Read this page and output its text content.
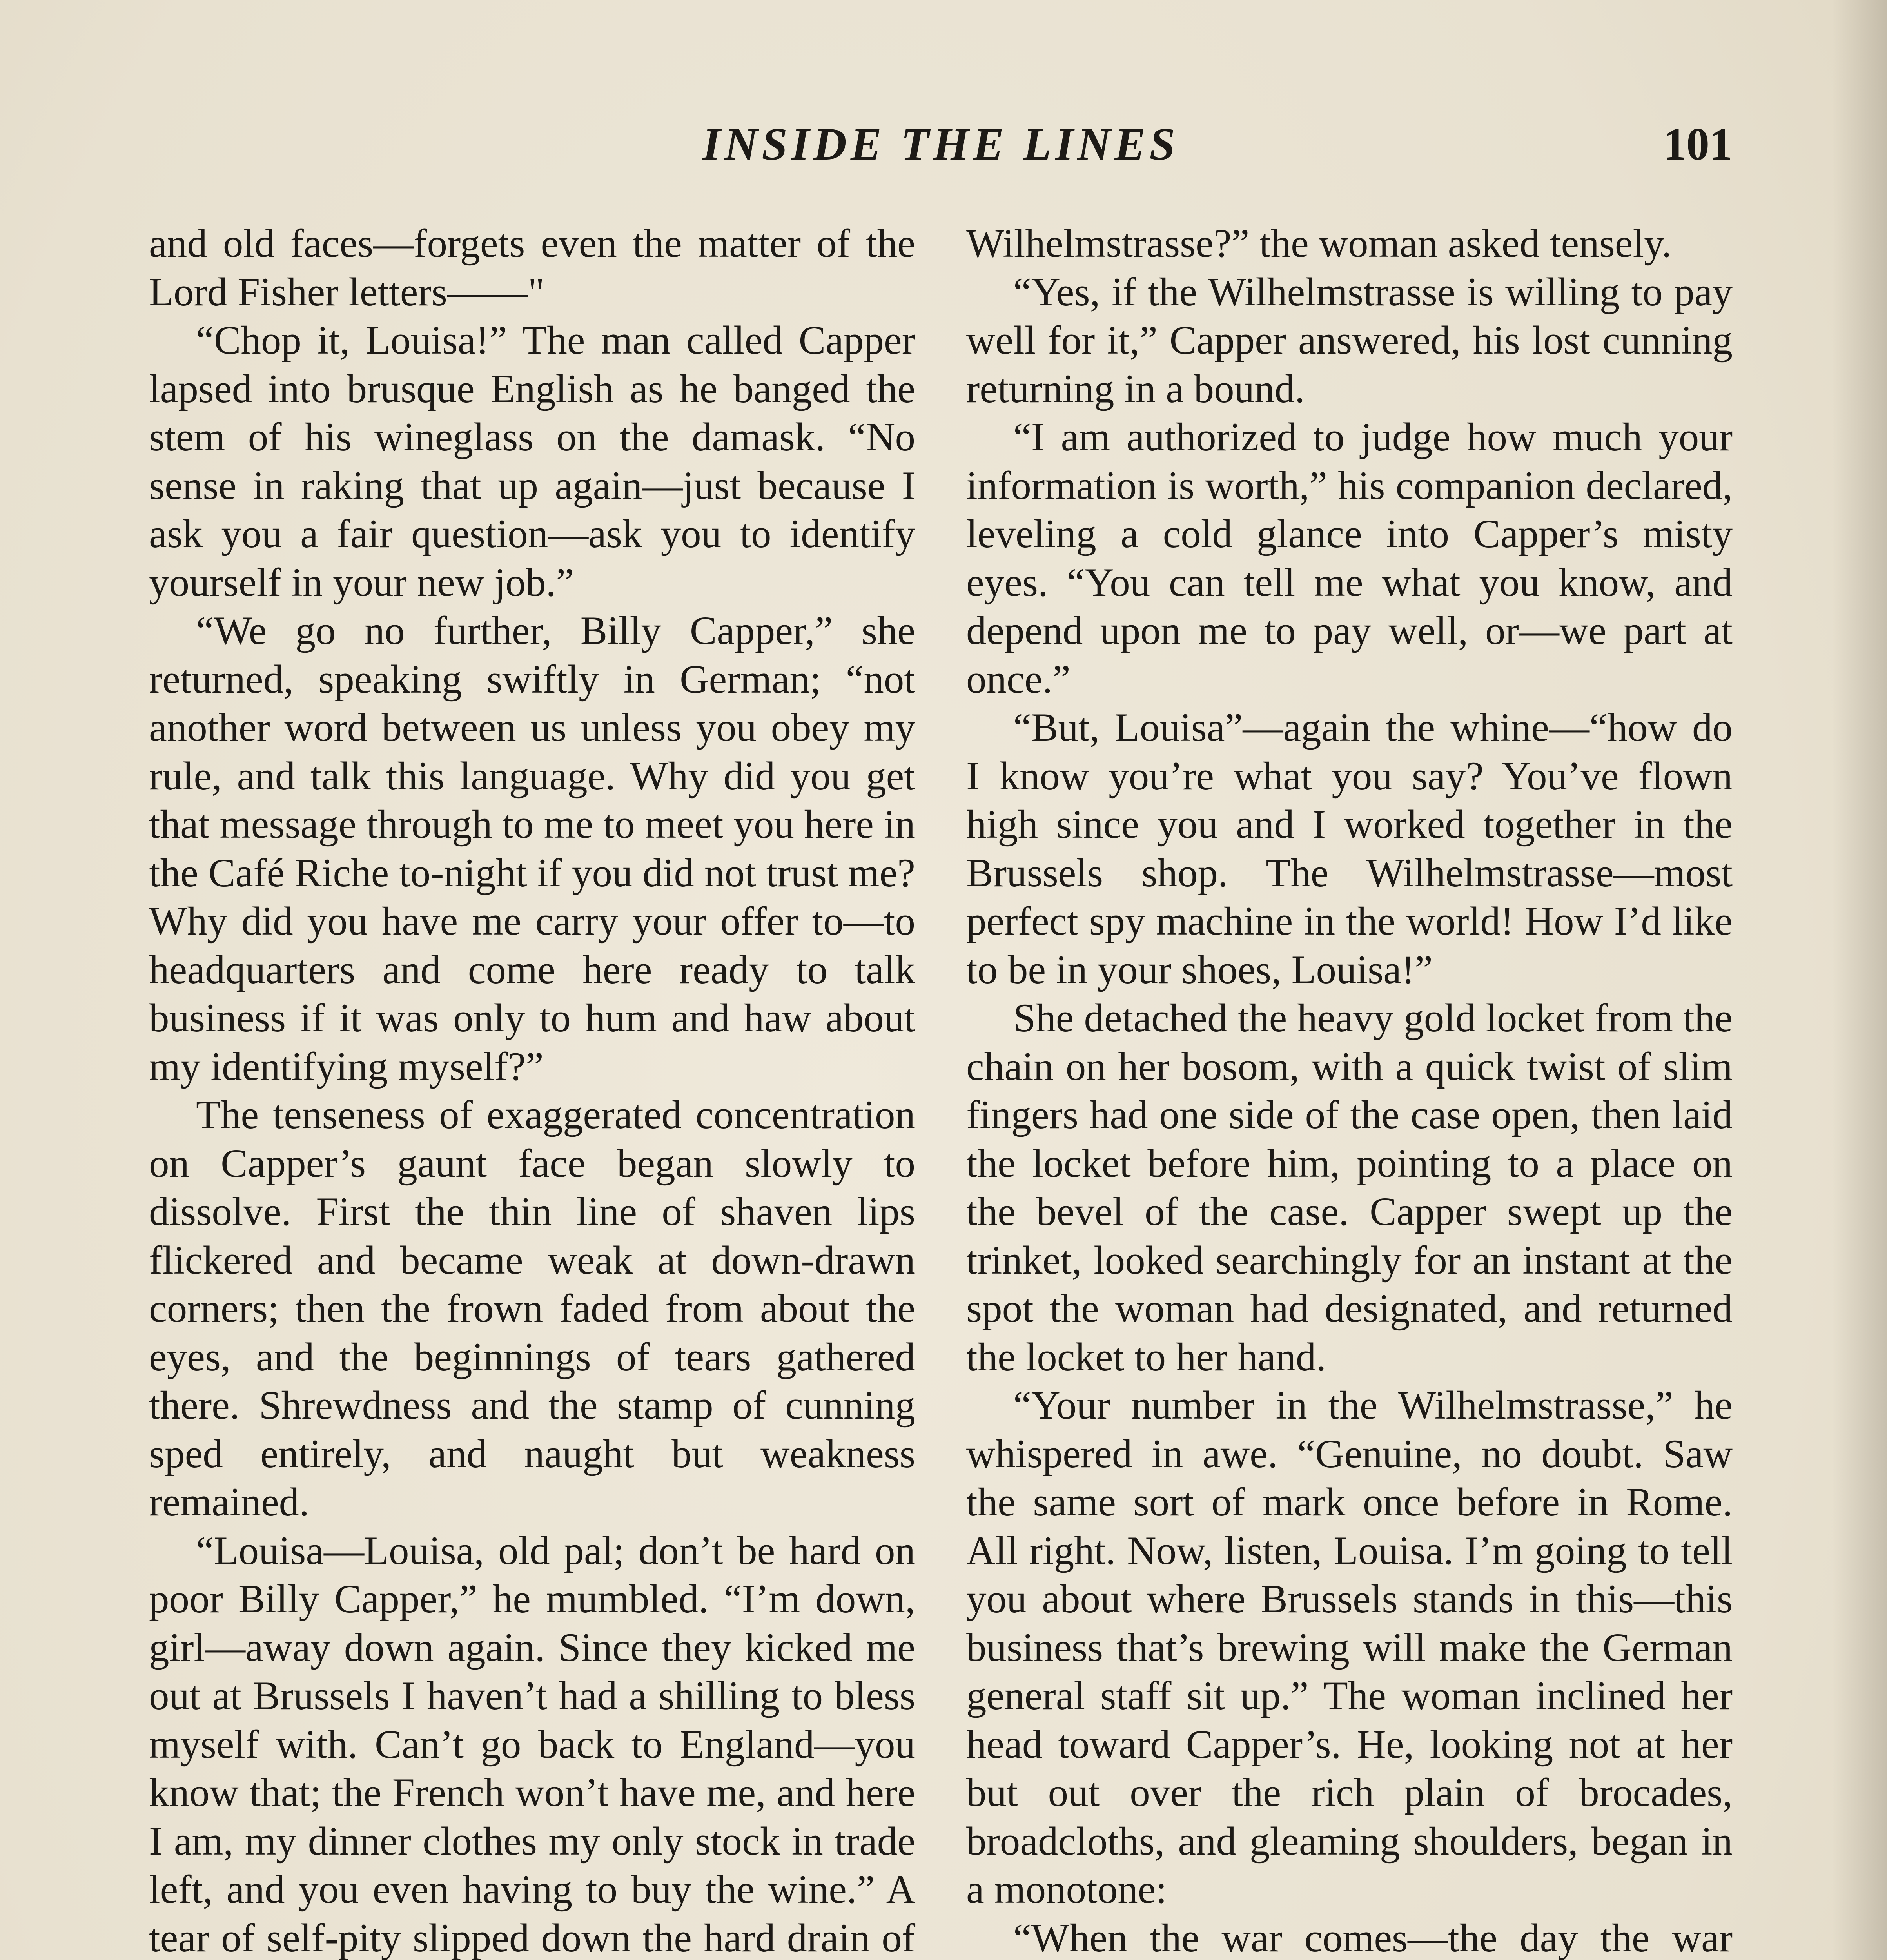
INSIDE THE LINES	101

and old faces—forgets even the matter of the Lord Fisher letters——"

“Chop it, Louisa!” The man called Capper lapsed into brusque English as he banged the stem of his wineglass on the damask. “No sense in raking that up again—just because I ask you a fair question—ask you to identify yourself in your new job.”

“We go no further, Billy Capper,” she returned, speaking swiftly in German; “not another word between us unless you obey my rule, and talk this language. Why did you get that message through to me to meet you here in the Café Riche to-night if you did not trust me? Why did you have me carry your offer to—to headquarters and come here ready to talk business if it was only to hum and haw about my identifying myself?”

The tenseness of exaggerated concentration on Capper’s gaunt face began slowly to dissolve. First the thin line of shaven lips flickered and became weak at down-drawn corners; then the frown faded from about the eyes, and the beginnings of tears gathered there. Shrewdness and the stamp of cunning sped entirely, and naught but weakness remained.

“Louisa—Louisa, old pal; don’t be hard on poor Billy Capper,” he mumbled. “I’m down, girl—away down again. Since they kicked me out at Brussels I haven’t had a shilling to bless myself with. Can’t go back to England—you know that; the French won’t have me, and here I am, my dinner clothes my only stock in trade left, and you even having to buy the wine.” A tear of self-pity slipped down the hard drain of

Wilhelmstrasse?” the woman asked tensely.

“Yes, if the Wilhelmstrasse is willing to pay well for it,” Capper answered, his lost cunning returning in a bound.

“I am authorized to judge how much your information is worth,” his companion declared, leveling a cold glance into Capper’s misty eyes. “You can tell me what you know, and depend upon me to pay well, or—we part at once.”

“But, Louisa”—again the whine—“how do I know you’re what you say? You’ve flown high since you and I worked together in the Brussels shop. The Wilhelmstrasse—most perfect spy machine in the world! How I’d like to be in your shoes, Louisa!”

She detached the heavy gold locket from the chain on her bosom, with a quick twist of slim fingers had one side of the case open, then laid the locket before him, pointing to a place on the bevel of the case. Capper swept up the trinket, looked searchingly for an instant at the spot the woman had designated, and returned the locket to her hand.

“Your number in the Wilhelmstrasse,” he whispered in awe. “Genuine, no doubt. Saw the same sort of mark once before in Rome. All right. Now, listen, Louisa. I’m going to tell you about where Brussels stands in this—this business that’s brewing will make the German general staff sit up.” The woman inclined her head toward Capper’s. He, looking not at her but out over the rich plain of brocades, broadcloths, and gleaming shoulders, began in a monotone:

“When the war comes—the day the war
